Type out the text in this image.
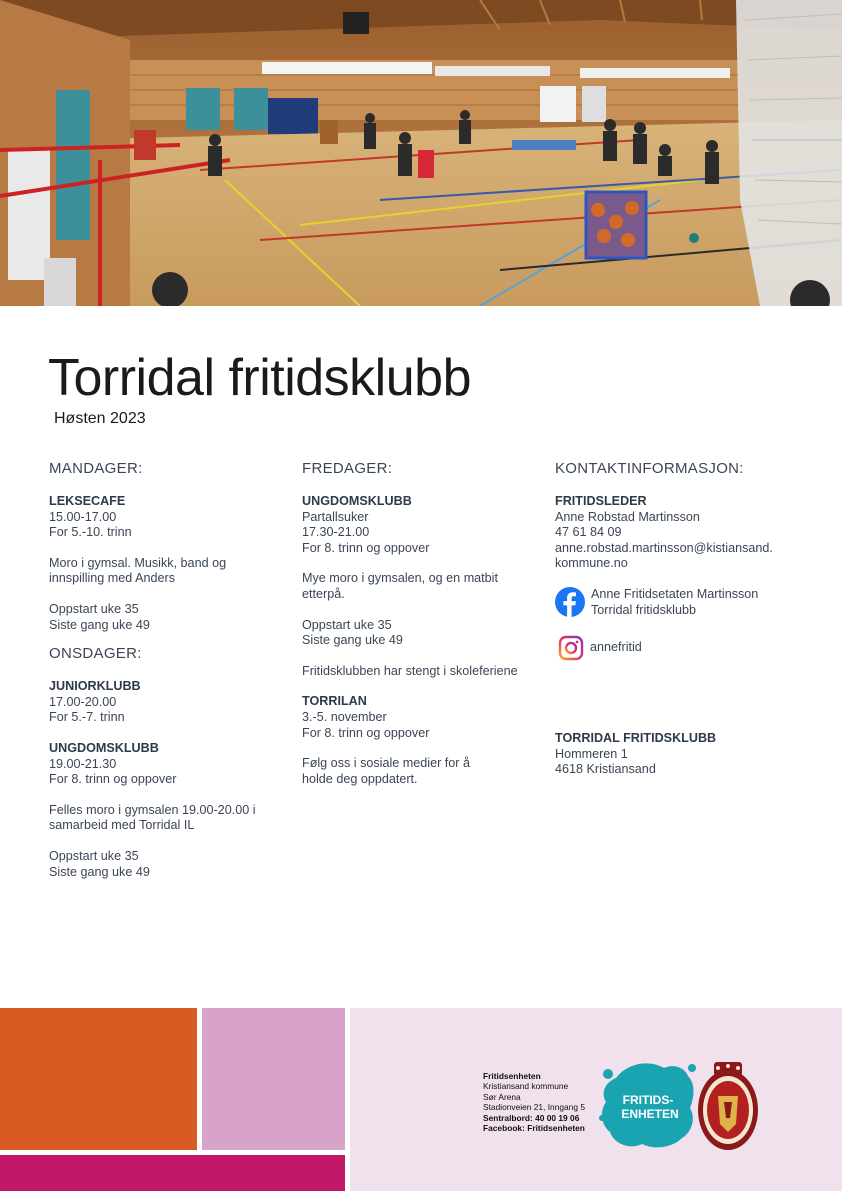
Torridal fritidsklubb
Høsten 2023
MANDAGER:
LEKSECAFE
15.00-17.00
For 5.-10. trinn
Moro i gymsal. Musikk, band og
innspilling med Anders
Oppstart uke 35
Siste gang uke 49
ONSDAGER:
JUNIORKLUBB
17.00-20.00
For 5.-7. trinn
UNGDOMSKLUBB
19.00-21.30
For 8. trinn og oppover
Felles moro i gymsalen 19.00-20.00 i
samarbeid med Torridal IL
Oppstart uke 35
Siste gang uke 49
FREDAGER:
UNGDOMSKLUBB
Partallsuker
17.30-21.00
For 8. trinn og oppover
Mye moro i gymsalen, og en matbit
etterpå.
Oppstart uke 35
Siste gang uke 49
Fritidsklubben har stengt i skoleferiene
TORRILAN
3.-5. november
For 8. trinn og oppover
Følg oss i sosiale medier for å
holde deg oppdatert.
KONTAKTINFORMASJON:
FRITIDSLEDER
Anne Robstad Martinsson
47 61 84 09
anne.robstad.martinsson@kistiansand.
kommune.no
Anne Fritidsetaten Martinsson
Torridal fritidsklubb
annefritid
TORRIDAL FRITIDSKLUBB
Hommeren 1
4618 Kristiansand
Fritidsenheten
Kristiansand kommune
Sør Arena
Stadionveien 21, Inngang 5
Sentralbord: 40 00 19 06
Facebook: Fritidsenheten
FRITIDS-
ENHETEN
